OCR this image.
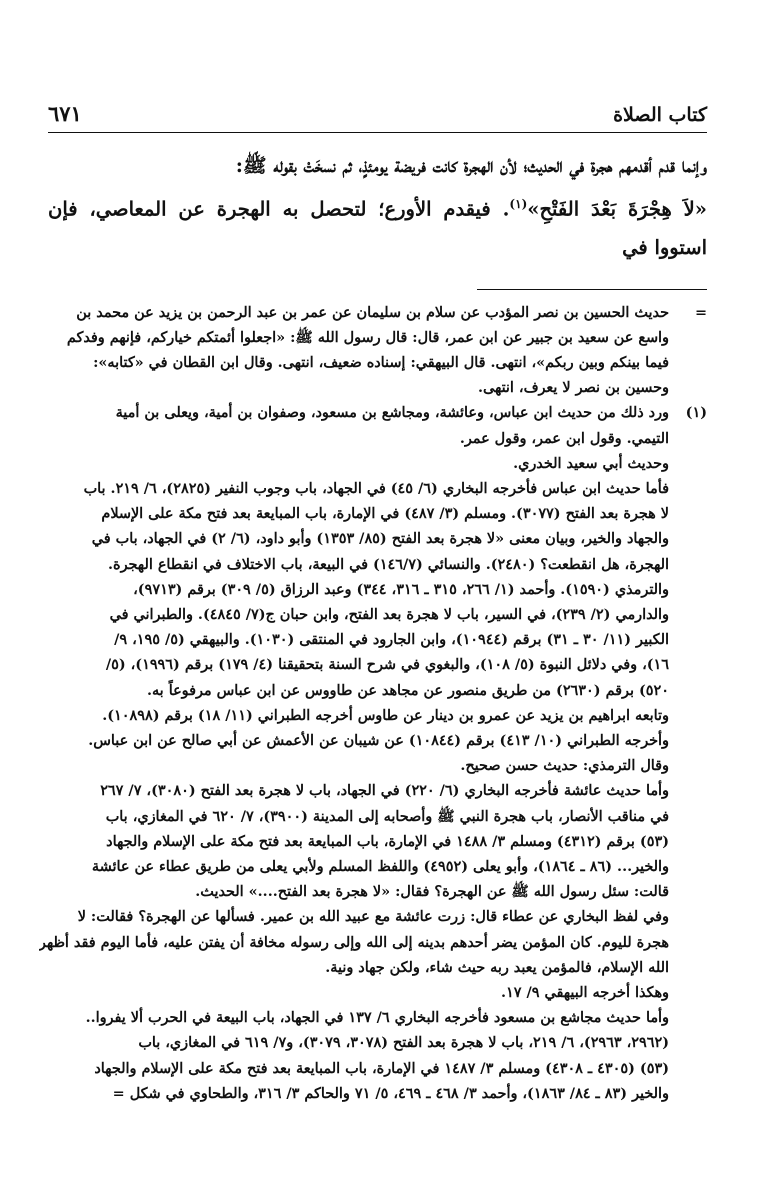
كتاب الصلاة
٦٧١

وإنما قدم أقدمهم هجرة في الحديث؛ لأن الهجرة كانت فريضة يومئذٍ، ثم نسخَتْ بقوله ﷺ:

«لاَ هِجْرَةَ بَعْدَ الفَتْحِ»$^{(١)}$. فيقدم الأورع؛ لتحصل به الهجرة عن المعاصي، فإن استووا في

=

حديث الحسين بن نصر المؤدب عن سلام بن سليمان عن عمر بن عبد الرحمن بن يزيد عن محمد بن

واسع عن سعيد بن جبير عن ابن عمر، قال: قال رسول الله ﷺ: «اجعلوا أئمتكم خياركم، فإنهم وفدكم

فيما بينكم وبين ربكم»، انتهى. قال البيهقي: إسناده ضعيف، انتهى. وقال ابن القطان في «كتابه»:

وحسين بن نصر لا يعرف، انتهى.

(١)

ورد ذلك من حديث ابن عباس، وعائشة، ومجاشع بن مسعود، وصفوان بن أمية، ويعلى بن أمية

التيمي. وقول ابن عمر، وقول عمر.

وحديث أبي سعيد الخدري.

فأما حديث ابن عباس فأخرجه البخاري (٦/ ٤٥) في الجهاد، باب وجوب النفير (٢٨٢٥)، ٦/ ٢١٩. باب

لا هجرة بعد الفتح (٣٠٧٧). ومسلم (٣/ ٤٨٧) في الإمارة، باب المبايعة بعد فتح مكة على الإسلام

والجهاد والخير، وبيان معنى «لا هجرة بعد الفتح (٨٥/ ١٣٥٣) وأبو داود، (٦/ ٢) في الجهاد، باب في

الهجرة، هل انقطعت؟ (٢٤٨٠). والنسائي (١٤٦/٧) في البيعة، باب الاختلاف في انقطاع الهجرة.

والترمذي (١٥٩٠). وأحمد (١/ ٢٦٦، ٣١٥ ـ ٣١٦، ٣٤٤) وعبد الرزاق (٥/ ٣٠٩) برقم (٩٧١٣)،

والدارمي (٢/ ٢٣٩)، في السير، باب لا هجرة بعد الفتح، وابن حبان ج(٧/ ٤٨٤٥). والطبراني في

الكبير (١١/ ٣٠ ـ ٣١) برقم (١٠٩٤٤)، وابن الجارود في المنتقى (١٠٣٠). والبيهقي (٥/ ١٩٥، ٩/

١٦)، وفي دلائل النبوة (٥/ ١٠٨)، والبغوي في شرح السنة بتحقيقنا (٤/ ١٧٩) برقم (١٩٩٦)، (٥/

٥٢٠) برقم (٢٦٣٠) من طريق منصور عن مجاهد عن طاووس عن ابن عباس مرفوعاً به.

وتابعه ابراهيم بن يزيد عن عمرو بن دينار عن طاوس أخرجه الطبراني (١١/ ١٨) برقم (١٠٨٩٨).

وأخرجه الطبراني (١٠/ ٤١٣) برقم (١٠٨٤٤) عن شيبان عن الأعمش عن أبي صالح عن ابن عباس.

وقال الترمذي: حديث حسن صحيح.

وأما حديث عائشة فأخرجه البخاري (٦/ ٢٢٠) في الجهاد، باب لا هجرة بعد الفتح (٣٠٨٠)، ٧/ ٢٦٧

في مناقب الأنصار، باب هجرة النبي ﷺ وأصحابه إلى المدينة (٣٩٠٠)، ٧/ ٦٢٠ في المغازي، باب

(٥٣) برقم (٤٣١٢) ومسلم ٣/ ١٤٨٨ في الإمارة، باب المبايعة بعد فتح مكة على الإسلام والجهاد

والخير... (٨٦ ـ ١٨٦٤)، وأبو يعلى (٤٩٥٢) واللفظ المسلم ولأبي يعلى من طريق عطاء عن عائشة

قالت: سئل رسول الله ﷺ عن الهجرة؟ فقال: «لا هجرة بعد الفتح....» الحديث.

وفي لفظ البخاري عن عطاء قال: زرت عائشة مع عبيد الله بن عمير. فسألها عن الهجرة؟ فقالت: لا

هجرة لليوم. كان المؤمن يضر أحدهم بدينه إلى الله وإلى رسوله مخافة أن يفتن عليه، فأما اليوم فقد أظهر

الله الإسلام، فالمؤمن يعبد ربه حيث شاء، ولكن جهاد ونية.

وهكذا أخرجه البيهقي ٩/ ١٧.

وأما حديث مجاشع بن مسعود فأخرجه البخاري ٦/ ١٣٧ في الجهاد، باب البيعة في الحرب ألا يفروا..

(٢٩٦٢، ٢٩٦٣)، ٦/ ٢١٩، باب لا هجرة بعد الفتح (٣٠٧٨، ٣٠٧٩)، و٧/ ٦١٩ في المغازي، باب

(٥٣) (٤٣٠٥ ـ ٤٣٠٨) ومسلم ٣/ ١٤٨٧ في الإمارة، باب المبايعة بعد فتح مكة على الإسلام والجهاد

والخير (٨٣ ـ ٨٤/ ١٨٦٣)، وأحمد ٣/ ٤٦٨ ـ ٤٦٩، ٥/ ٧١ والحاكم ٣/ ٣١٦، والطحاوي في شكل =
